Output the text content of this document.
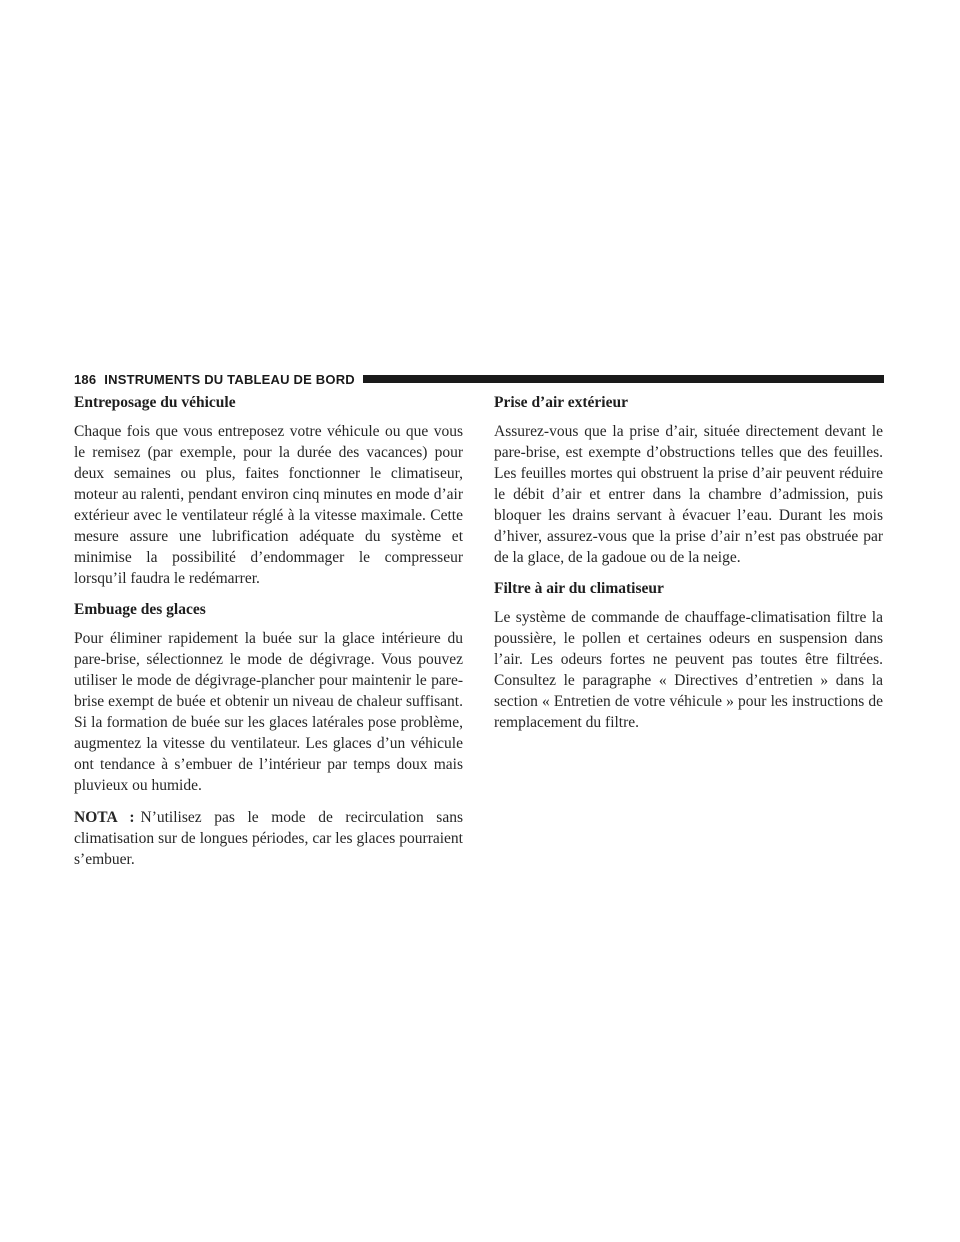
186 INSTRUMENTS DU TABLEAU DE BORD
Entreposage du véhicule

Chaque fois que vous entreposez votre véhicule ou que vous le remisez (par exemple, pour la durée des vacances) pour deux semaines ou plus, faites fonctionner le climatiseur, moteur au ralenti, pendant environ cinq minutes en mode d’air extérieur avec le ventilateur réglé à la vitesse maximale. Cette mesure assure une lubrification adéquate du système et minimise la possibilité d’endommager le compresseur lorsqu’il faudra le redémarrer.

Embuage des glaces

Pour éliminer rapidement la buée sur la glace intérieure du pare-brise, sélectionnez le mode de dégivrage. Vous pouvez utiliser le mode de dégivrage-plancher pour maintenir le pare-brise exempt de buée et obtenir un niveau de chaleur suffisant. Si la formation de buée sur les glaces latérales pose problème, augmentez la vitesse du ventilateur. Les glaces d’un véhicule ont tendance à s’embuer de l’intérieur par temps doux mais pluvieux ou humide.

NOTA : N’utilisez pas le mode de recirculation sans climatisation sur de longues périodes, car les glaces pourraient s’embuer.

Prise d’air extérieur

Assurez-vous que la prise d’air, située directement devant le pare-brise, est exempte d’obstructions telles que des feuilles. Les feuilles mortes qui obstruent la prise d’air peuvent réduire le débit d’air et entrer dans la chambre d’admission, puis bloquer les drains servant à évacuer l’eau. Durant les mois d’hiver, assurez-vous que la prise d’air n’est pas obstruée par de la glace, de la gadoue ou de la neige.

Filtre à air du climatiseur

Le système de commande de chauffage-climatisation filtre la poussière, le pollen et certaines odeurs en suspension dans l’air. Les odeurs fortes ne peuvent pas toutes être filtrées. Consultez le paragraphe « Directives d’entretien » dans la section « Entretien de votre véhicule » pour les instructions de remplacement du filtre.
